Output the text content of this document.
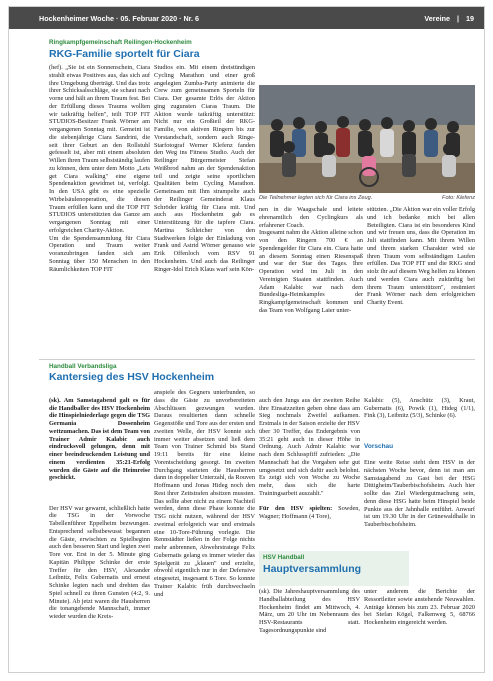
Hockenheimer Woche · 05. Februar 2020 · Nr. 6	Vereine | 19
Ringkampfgemeinschaft Reilingen-Hockenheim
RKG-Familie sportelt für Ciara
(hef). „Sie ist ein Sonnenschein, Ciara strahlt etwas Positives aus, das sich auf ihre Umgebung überträgt. Und das trotz ihrer Schicksalsschläge, sie schaut nach vorne und hält an ihrem Traum fest. Bei der Erfüllung dieses Traums wollten wir tatkräftig helfen", teilt TOP FIT STUDIOS-Besitzer Frank Wörner am vergangenen Sonntag mit. Gemeint ist die siebenjährige Ciara Sandrini, die seit ihrer Geburt an den Rollstuhl gefesselt ist, aber mit einem absoluten Willen ihren Traum selbstständig laufen zu können, dem unter dem Motto „Lets get Ciara walking" eine eigene Spendenaktion gewidmet ist, verfolgt. In den USA gibt es eine spezielle Wirbelsäulenoperation, die diesen Traum erfüllen kann und die TOP FIT STUDIOS unterstützten das Ganze am vergangenen Sonntag mit einer erfolgreichen Charity-Aktion.
Um die Spendensammlung für Ciara Operation und Traum weiter voranzubringen fanden sich am Sonntag über 150 Menschen in den Räumlichkeiten TOP FIT
Studios ein. Mit einem dreistündigen Cycling Marathon und einer groß angelegten Zumba-Party animierte die Crew zum gemeinsamen Sporteln für Ciara. Der gesamte Erlös der Aktion ging zugunsten Ciaras Traum. Die Aktion wurde tatkräftig unterstützt: Nicht nur ein Großteil der RKG-Familie, von aktiven Ringern bis zur Vorstandschaft, sondern auch Ringe-Starfotograf Werner Klefenz fanden den Weg ins Fitness Studio. Auch der Reilinger Bürgermeister Stefan Weißbrod nahm an der Spendenaktion teil und zeigte seine sportlichen Qualitäten beim Cycling Marathon. Gemeinsam mit Ihm strampelte auch der Reilinger Gemeinderat Klaus Schröder kräftig für Ciara mit. Und auch aus Hockenheim gab es Unterstützung für die tapfere Ciara. Martina Schleicher von den Stadtwerken folgte der Einladung von Frank und Astrid Wörner genauso wie Erik Offenloch vom RSV 91 Hockenheim. Und auch das Reilinger Ringer-Idol Erich Klaus warf sein Kön-
Die Teilnehmer legten sich für Ciara ins Zeug.	Foto: Klefenz
nen in die Waagschale und leitete ehrenamtlich den Cyclingkurs als erfahrener Coach.
Insgesamt nahm die Aktion alleine schon von den Ringern 700 € an Spendengelder für Ciara ein. Ciara hatte an diesem Sonntag einen Riesenspaß und war der Star des Tages. Ihre Operation wird im Juli in den Vereinigten Staaten stattfinden. Auch Adam Kalabic war nach dem Bundesliga-Heimkampfes der Ringkampfgemeinschaft kommen und das Team von Wolfgang Laier unter-
stützten. „Die Aktion war ein voller Erfolg und ich bedanke mich bei allen Beteiligten. Ciara ist ein besonderes Kind und wir freuen uns, dass die Operation im Juli stattfinden kann. Mit ihrem Willen und ihrem starken Charakter wird sie ihren Traum vom selbständigen Laufen erfüllen. Das TOP FIT und die RKG sind stolz ihr auf diesem Weg helfen zu können und werden Ciara auch zukünftig bei ihrem Traum unterstützen", resümiert Frank Wörner nach dem erfolgreichen Charity Event.
Handball Verbandsliga
Kantersieg des HSV Hockenheim

(sk). Am Samstagabend galt es für die Handballer des HSV Hockenheim die Hinspielniederlage gegen die TSG Germania Dossenheim wettzumachen. Das ist dem Team von Trainer Admir Kalabic auch eindrucksvoll gelungen, denn mit einer beeindruckenden Leistung und einem verdienten 35:21-Erfolg wurden die Gäste auf die Heimreise geschickt.

Der HSV war gewarnt, schließlich hatte die TSG in der Vorwoche Tabellenführer Eppelheim bezwungen. Entsprechend selbstbewusst begannen die Gäste, erwischten zu Spielbeginn auch den besseren Start und legten zwei Tore vor. Erst in der 5. Minute ging Kapitän Philippe Schinke der erste Treffer für den HSV, Alexander Leibnitz, Felix Gubernatis und erneut Schinke legten nach und drehten das Spiel schnell zu ihren Gunsten (4:2, 9. Minute). Ab jetzt waren die Hausherren die tonangebende Mannschaft, immer wieder wurden die Kreis-

anspiele des Gegners unterbunden, so dass die Gäste zu unvorbereiteten Abschlüssen gezwungen wurden. Daraus resultierten dann schnelle Gegenstöße und Tore aus der ersten und zweiten Welle, der HSV konnte sich immer weiter absetzen und ließ dem Team von Trainer Schmid bis Stand 19:11 bereits für eine kleine Vorentscheidung gesorgt. Im zweiten Durchgang starteten die Hausherren dann in doppelter Unterzahl, da Rouven Hoffmann und Jonas Hideg noch den Rest ihrer Zeitstrafen absitzen mussten. Das sollte aber nicht zu einem Nachteil werden, denn diese Phase konnte die TSG nicht nutzen, während der HSV zweimal erfolgreich war und erstmals eine 10-Tore-Führung vorlegte. Die Rennstädter ließen in der Folge nichts mehr anbrennen, Abwehrstratege Felix Gubernatis gelang es immer wieder das Spielgerät zu „klauen" und erzielte, obwohl eigentlich nur in der Defensive eingesetzt, insgesamt 6 Tore. So konnte Trainer Kalabic früh durchwechseln und

auch den Jungs aus der zweiten Reihe ihre Einsatzzeiten geben ohne dass am Sieg nochmals Zweifel aufkamen. Erstmals in der Saison erzielte der HSV über 30 Treffer, das Endergebnis von 35:21 geht auch in dieser Höhe in Ordnung. Auch Admir Kalabic war nach dem Schlusspfiff zufrieden: „Die Mannschaft hat die Vorgaben sehr gut umgesetzt und sich dafür auch belohnt. Es zeigt sich von Woche zu Woche mehr, dass sich die harte Trainingsarbeit auszahlt."

Für den HSV spielten: Sowden, Wagner; Hoffmann (4 Tore),

Kalabic (5), Anschütz (3), Kraut, Gubernatis (6), Powik (1), Hideg (1/1), Fink (3), Leibnitz (5/3), Schinke (6).

Vorschau

Eine weite Reise steht dem HSV in der nächsten Woche bevor, denn ist man am Samstagabend zu Gast bei der HSG Dittigheim/Tauberbischofsheim. Auch hier sollte das Ziel Wiedergutmachung sein, denn diese HSG hatte beim Hinspiel beide Punkte aus der Jahnhalle entführt. Anwurf ist um 19.30 Uhr in der Grünewaldhalle in Tauberbischofsheim.

HSV Handball
Hauptversammlung
(sk). Die Jahreshauptversammlung des Handballabteilung des HSV Hockenheim findet am Mittwoch, 4. März, um 20 Uhr im Nebenraum des HSV-Restaurants statt. Tagesordnungspunkte sind
unter anderem die Berichte der Ressortleiter sowie anstehende Neuwahlen. Anträge können bis zum 23. Februar 2020 bei Stefan Kögel, Falkenweg 5, 68766 Hockenheim eingereicht werden.
